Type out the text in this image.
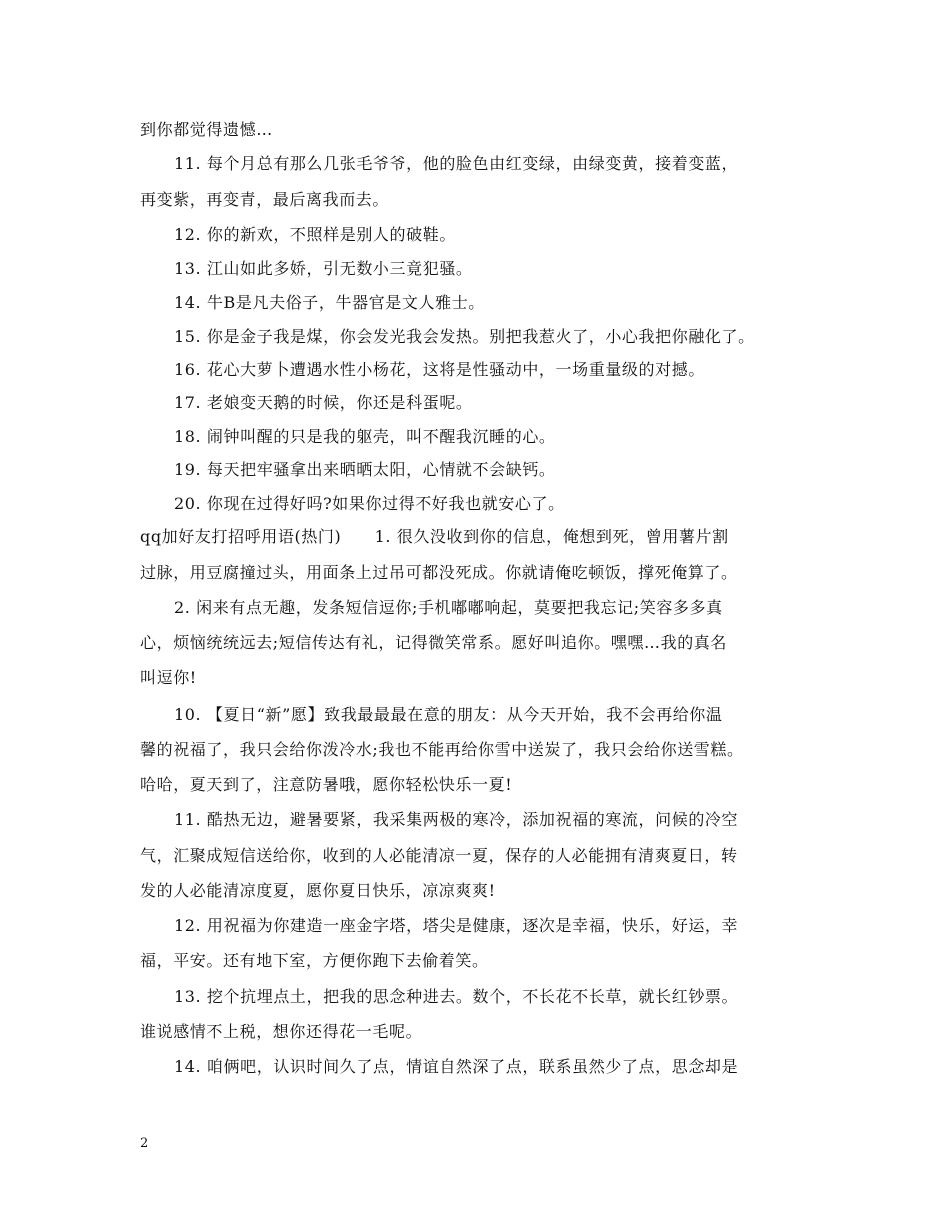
到你都觉得遗憾…
11. 每个月总有那么几张毛爷爷，他的脸色由红变绿，由绿变黄，接着变蓝，
再变紫，再变青，最后离我而去。
12. 你的新欢，不照样是别人的破鞋。
13. 江山如此多娇，引无数小三竟犯骚。
14. 牛B是凡夫俗子，牛器官是文人雅士。
15. 你是金子我是煤，你会发光我会发热。别把我惹火了，小心我把你融化了。
16. 花心大萝卜遭遇水性小杨花，这将是性骚动中，一场重量级的对撼。
17. 老娘变天鹅的时候，你还是科蛋呢。
18. 闹钟叫醒的只是我的躯壳，叫不醒我沉睡的心。
19. 每天把牢骚拿出来晒晒太阳，心情就不会缺钙。
20. 你现在过得好吗?如果你过得不好我也就安心了。
qq加好友打招呼用语(热门)　　1. 很久没收到你的信息，俺想到死，曾用薯片割
过脉，用豆腐撞过头，用面条上过吊可都没死成。你就请俺吃顿饭，撑死俺算了。
2. 闲来有点无趣，发条短信逗你;手机嘟嘟响起，莫要把我忘记;笑容多多真
心，烦恼统统远去;短信传达有礼，记得微笑常系。愿好叫追你。嘿嘿…我的真名
叫逗你!
10. 【夏日“新”愿】致我最最最在意的朋友：从今天开始，我不会再给你温
馨的祝福了，我只会给你泼冷水;我也不能再给你雪中送炭了，我只会给你送雪糕。
哈哈，夏天到了，注意防暑哦，愿你轻松快乐一夏!
11. 酷热无边，避暑要紧，我采集两极的寒冷，添加祝福的寒流，问候的冷空
气，汇聚成短信送给你，收到的人必能清凉一夏，保存的人必能拥有清爽夏日，转
发的人必能清凉度夏，愿你夏日快乐，凉凉爽爽!
12. 用祝福为你建造一座金字塔，塔尖是健康，逐次是幸福，快乐，好运，幸
福，平安。还有地下室，方便你跑下去偷着笑。
13. 挖个抗埋点土，把我的思念种进去。数个，不长花不长草，就长红钞票。
谁说感情不上税，想你还得花一毛呢。
14. 咱俩吧，认识时间久了点，情谊自然深了点，联系虽然少了点，思念却是
2
